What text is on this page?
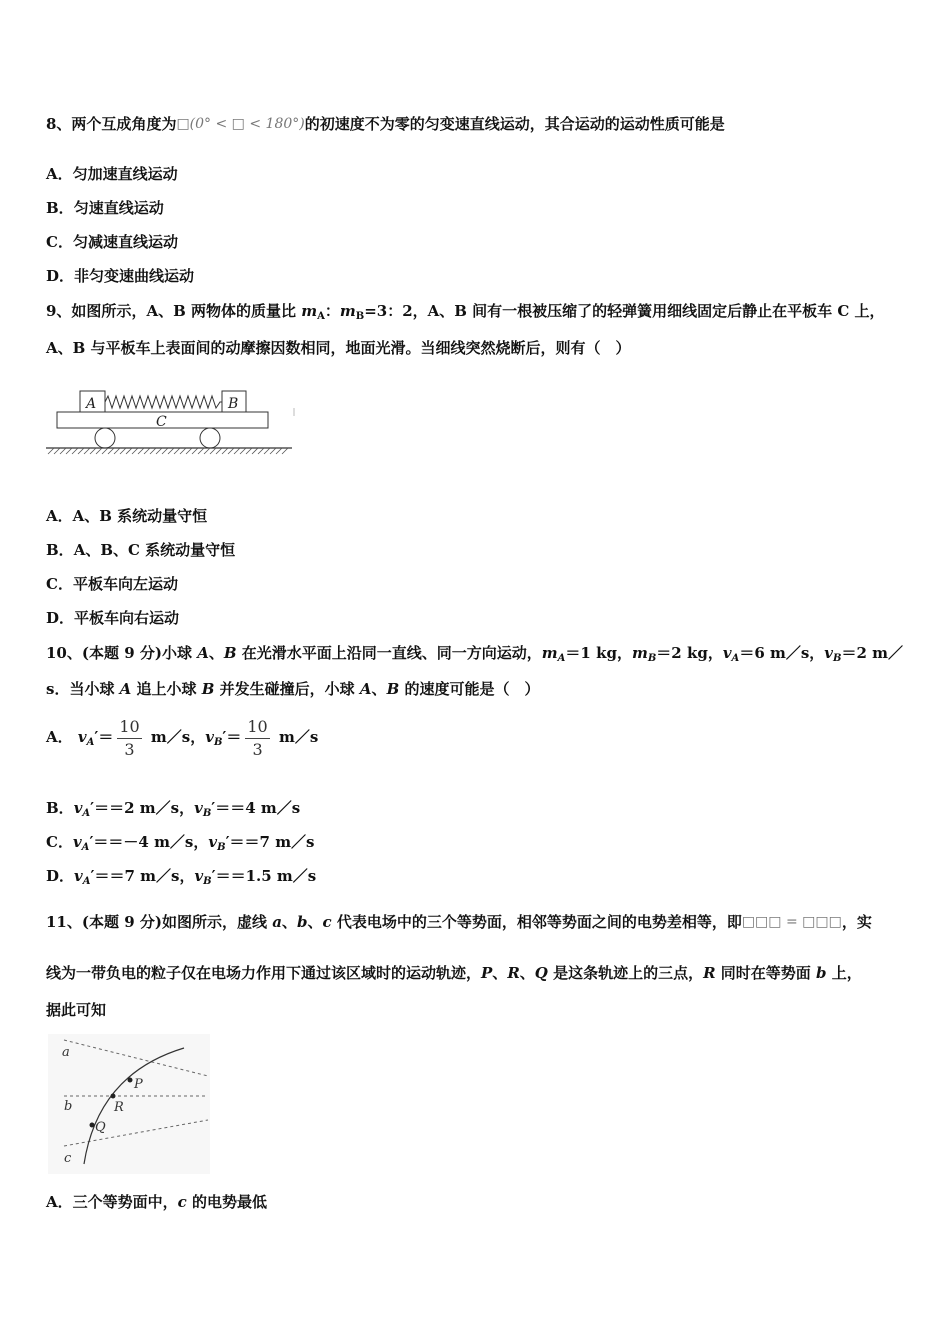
8、两个互成角度为□(0° < □ < 180°)的初速度不为零的匀变速直线运动，其合运动的运动性质可能是
A．匀加速直线运动
B．匀速直线运动
C．匀减速直线运动
D．非匀变速曲线运动
9、如图所示，A、B 两物体的质量比 $m_A$：$m_B=3$：2，A、B 间有一根被压缩了的轻弹簧用细线固定后静止在平板车 C 上，
A、B 与平板车上表面间的动摩擦因数相同，地面光滑。当细线突然烧断后，则有（　）
A	B
C
A．A、B 系统动量守恒
B．A、B、C 系统动量守恒
C．平板车向左运动
D．平板车向右运动
10、(本题 9 分)小球 A、B 在光滑水平面上沿同一直线、同一方向运动，$m_A=1$ kg，$m_B=2$ kg，$v_A=6$ m／s，$v_B=2$ m／
s．当小球 A 追上小球 B 并发生碰撞后，小球 A、B 的速度可能是（　）
A． $v_A'= \frac{10}{3}$ m／s，$v_B'= \frac{10}{3}$ m／s
B．$v_A'==2$ m／s，$v_B'==4$ m／s
C．$v_A'==-4$ m／s，$v_B'==7$ m／s
D．$v_A'==7$ m／s，$v_B'==1.5$ m／s
11、(本题 9 分)如图所示，虚线 a、b、c 代表电场中的三个等势面，相邻等势面之间的电势差相等，即□□□ = □□□，实
线为一带负电的粒子仅在电场力作用下通过该区域时的运动轨迹，P、R、Q 是这条轨迹上的三点，R 同时在等势面 b 上，
据此可知
a
b
c
P
R
Q
A．三个等势面中，c 的电势最低
